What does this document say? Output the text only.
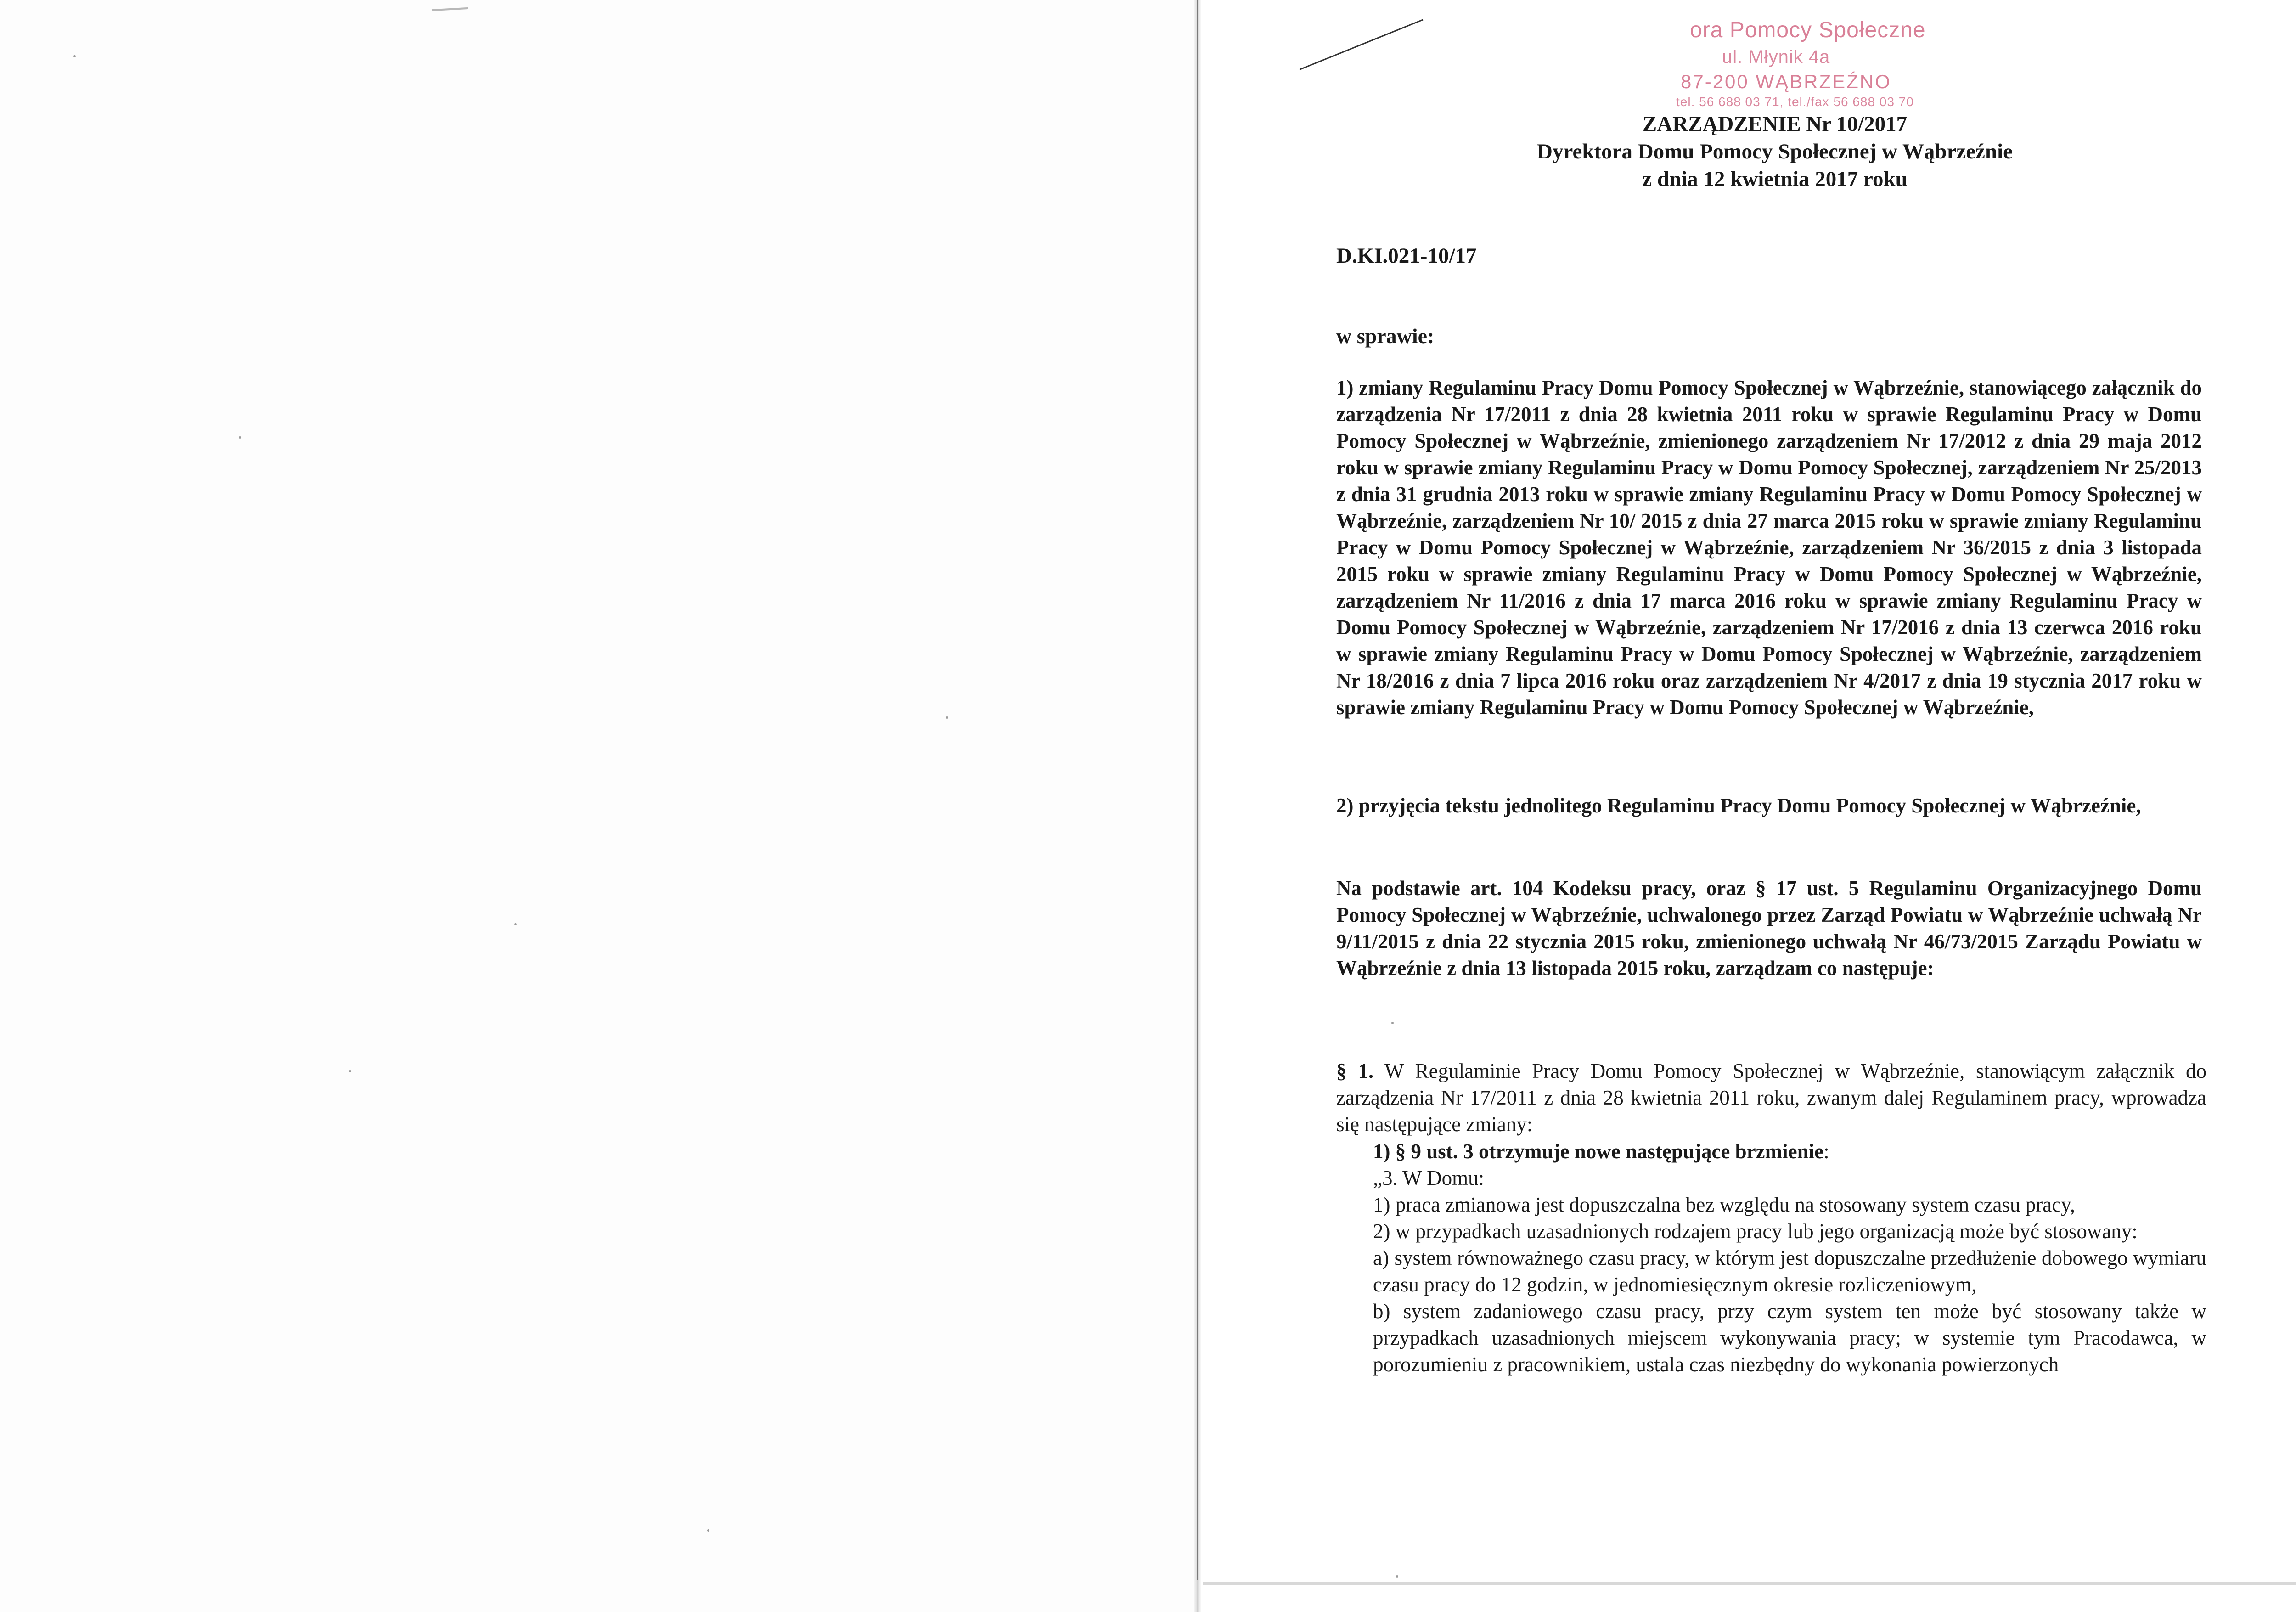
ora Pomocy Społeczne
ul. Młynik 4a
87-200 WĄBRZEŹNO
tel. 56 688 03 71, tel./fax 56 688 03 70
ZARZĄDZENIE Nr 10/2017
Dyrektora Domu Pomocy Społecznej w Wąbrzeźnie
z dnia 12 kwietnia 2017 roku
D.KI.021-10/17
w sprawie:

1) zmiany Regulaminu Pracy Domu Pomocy Społecznej w Wąbrzeźnie, stanowiącego załącznik do zarządzenia Nr 17/2011 z dnia 28 kwietnia 2011 roku w sprawie Regulaminu Pracy w Domu Pomocy Społecznej w Wąbrzeźnie, zmienionego zarządzeniem Nr 17/2012 z dnia 29 maja 2012 roku w sprawie zmiany Regulaminu Pracy w Domu Pomocy Społecznej, zarządzeniem Nr 25/2013 z dnia 31 grudnia 2013 roku w sprawie zmiany Regulaminu Pracy w Domu Pomocy Społecznej w Wąbrzeźnie, zarządzeniem Nr 10/ 2015 z dnia 27 marca 2015 roku w sprawie zmiany Regulaminu Pracy w Domu Pomocy Społecznej w Wąbrzeźnie, zarządzeniem Nr 36/2015 z dnia 3 listopada 2015 roku w sprawie zmiany Regulaminu Pracy w Domu Pomocy Społecznej w Wąbrzeźnie, zarządzeniem Nr 11/2016 z dnia 17 marca 2016 roku w sprawie zmiany Regulaminu Pracy w Domu Pomocy Społecznej w Wąbrzeźnie, zarządzeniem Nr 17/2016 z dnia 13 czerwca 2016 roku w sprawie zmiany Regulaminu Pracy w Domu Pomocy Społecznej w Wąbrzeźnie, zarządzeniem Nr 18/2016 z dnia 7 lipca 2016 roku oraz zarządzeniem Nr 4/2017 z dnia 19 stycznia 2017 roku w sprawie zmiany Regulaminu Pracy w Domu Pomocy Społecznej w Wąbrzeźnie,

2) przyjęcia tekstu jednolitego Regulaminu Pracy Domu Pomocy Społecznej w Wąbrzeźnie,

Na podstawie art. 104 Kodeksu pracy, oraz § 17 ust. 5 Regulaminu Organizacyjnego Domu Pomocy Społecznej w Wąbrzeźnie, uchwalonego przez Zarząd Powiatu w Wąbrzeźnie uchwałą Nr 9/11/2015 z dnia 22 stycznia 2015 roku, zmienionego uchwałą Nr 46/73/2015 Zarządu Powiatu w Wąbrzeźnie z dnia 13 listopada 2015 roku, zarządzam co następuje:

§ 1. W Regulaminie Pracy Domu Pomocy Społecznej w Wąbrzeźnie, stanowiącym załącznik do zarządzenia Nr 17/2011 z dnia 28 kwietnia 2011 roku, zwanym dalej Regulaminem pracy, wprowadza się następujące zmiany:

1) § 9 ust. 3 otrzymuje nowe następujące brzmienie:

„3. W Domu:

1) praca zmianowa jest dopuszczalna bez względu na stosowany system czasu pracy,

2) w przypadkach uzasadnionych rodzajem pracy lub jego organizacją może być stosowany:

a) system równoważnego czasu pracy, w którym jest dopuszczalne przedłużenie dobowego wymiaru czasu pracy do 12 godzin, w jednomiesięcznym okresie rozliczeniowym,

b) system zadaniowego czasu pracy, przy czym system ten może być stosowany także w przypadkach uzasadnionych miejscem wykonywania pracy; w systemie tym Pracodawca, w porozumieniu z pracownikiem, ustala czas niezbędny do wykonania powierzonych
